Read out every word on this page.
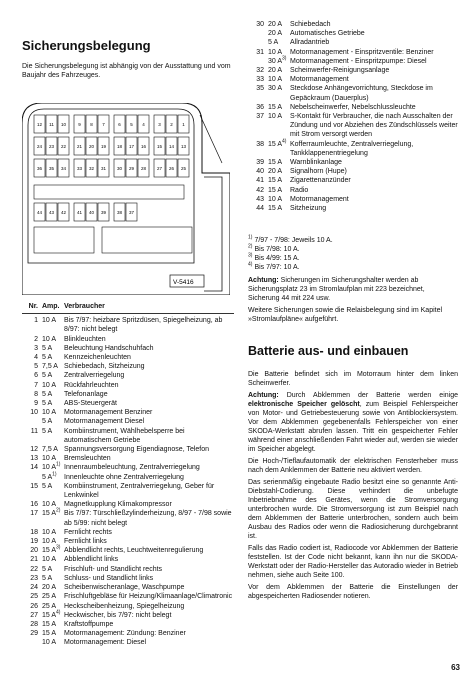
Sicherungsbelegung
Die Sicherungsbelegung ist abhängig von der Ausstattung und vom Baujahr des Fahrzeuges.
12 11 10	9 8 7	6 5 4	3 2 1
24 23 22 21 20 19 18 17 16 15 14 13
36 35 34 33 32 31 30 29 28 27 26 25
44 43 42 41 40 39 38 37
V-5416
Nr. Amp. Verbraucher
1 10 A	Bis 7/97: heizbare Spritzdüsen, Spiegelheizung, ab 8/97: nicht belegt
2 10 A	Blinkleuchten
3 5 A	Beleuchtung Handschuhfach
4 5 A	Kennzeichenleuchten
5 7,5 A Schiebedach, Sitzheizung
6 5 A	Zentralverriegelung
7 10 A	Rückfahrleuchten
8 5 A	Telefonanlage
9 5 A	ABS-Steuergerät
10 10 A	Motormanagement Benziner
5 A	Motormanagement Diesel
11 5 A	Kombiinstrument, Wählhebelsperre bei automatischem Getriebe
12 7,5 A Spannungsversorgung Eigendiagnose, Telefon
13 10 A	Bremsleuchten
14 10 $A^{1)}$ Innenraumbeleuchtung, Zentralverriegelung
5 $A^{1)}$	Innenleuchte ohne Zentralverriegelung
15 5 A	Kombiinstrument, Zentralverriegelung, Geber für Lenkwinkel
16 10 A	Magnetkupplung Klimakompressor
17 15 $A^{2)}$ Bis 7/97: Türschließzylinderheizung, 8/97 - 7/98 sowie ab 5/99: nicht belegt
18 10 A	Fernlicht rechts
19 10 A	Fernlicht links
20 15 $A^{3)}$ Abblendlicht rechts, Leuchtweitenregulierung
21 10 A	Abblendlicht links
22 5 A	Frischluft- und Standlicht rechts
23 5 A	Schluss- und Standlicht links
24 20 A	Scheibenwischeranlage, Waschpumpe
25 25 A	Frischluftgebläse für Heizung/Klimaanlage/Climatronic
26 25 A	Heckscheibenheizung, Spiegelheizung
27 15 $A^{4)}$ Heckwischer, bis 7/97: nicht belegt
28 15 A	Kraftstoffpumpe
29 15 A	Motormanagement: Zündung: Benziner
10 A	Motormanagement: Diesel
30 20 A	Schiebedach
20 A	Automatisches Getriebe
5 A	Allradantrieb
31 10 A	Motormanagement - Einspritzventile: Benziner
30 $A^{3)}$ Motormanagement - Einspritzpumpe: Diesel
32 20 A	Scheinwerfer-Reinigungsanlage
33 10 A	Motormanagement
35 30 A	Steckdose Anhängevorrichtung, Steckdose im Gepäckraum (Dauerplus)
36 15 A	Nebelscheinwerfer, Nebelschlussleuchte
37 10 A	S-Kontakt für Verbraucher, die nach Ausschalten der Zündung und vor Abziehen des Zündschlüssels weiter mit Strom versorgt werden
38 15 $A^{4)}$ Kofferraumleuchte, Zentralverriegelung, Tankklappenentriegelung
39 15 A	Warnblinkanlage
40 20 A	Signalhorn (Hupe)
41 15 A	Zigarettenanzünder
42 15 A	Radio
43 10 A	Motormanagement
44 15 A	Sitzheizung
$^{1)}$ 7/97 - 7/98: Jeweils 10 A.
$^{2)}$ Bis 7/98: 10 A.
$^{3)}$ Bis 4/99: 15 A.
$^{4)}$ Bis 7/97: 10 A.

Achtung: Sicherungen im Sicherungshalter werden ab Sicherungsplatz 23 im Stromlaufplan mit 223 bezeichnet, Sicherung 44 mit 224 usw.

Weitere Sicherungen sowie die Relaisbelegung sind im Kapitel »Stromlaufpläne« aufgeführt.

Batterie aus- und einbauen

Die Batterie befindet sich im Motorraum hinter dem linken Scheinwerfer.

Achtung: Durch Abklemmen der Batterie werden einige elektronische Speicher gelöscht, zum Beispiel Fehlerspeicher von Motor- und Getriebesteuerung sowie von Antiblockiersystem. Vor dem Abklemmen gegebenenfalls Fehlerspeicher von einer SKODA-Werkstatt abrufen lassen. Tritt ein gespeicherter Fehler während einer anschließenden Fahrt wieder auf, werden sie wieder im Speicher abgelegt.

Die Hoch-/Tieflaufautomatik der elektrischen Fensterheber muss nach dem Anklemmen der Batterie neu aktiviert werden.

Das serienmäßig eingebaute Radio besitzt eine so genannte Anti-Diebstahl-Codierung. Diese verhindert die unbefugte Inbetriebnahme des Gerätes, wenn die Stromversorgung unterbrochen wurde. Die Stromversorgung ist zum Beispiel nach dem Abklemmen der Batterie unterbrochen, sondern auch beim Ausbau des Radios oder wenn die Radiosicherung durchgebrannt ist.

Falls das Radio codiert ist, Radiocode vor Abklemmen der Batterie feststellen. Ist der Code nicht bekannt, kann ihn nur die SKODA-Werkstatt oder der Radio-Hersteller das Autoradio wieder in Betrieb nehmen, siehe auch Seite 100.

Vor dem Abklemmen der Batterie die Einstellungen der abgespeicherten Radiosender notieren.

63
